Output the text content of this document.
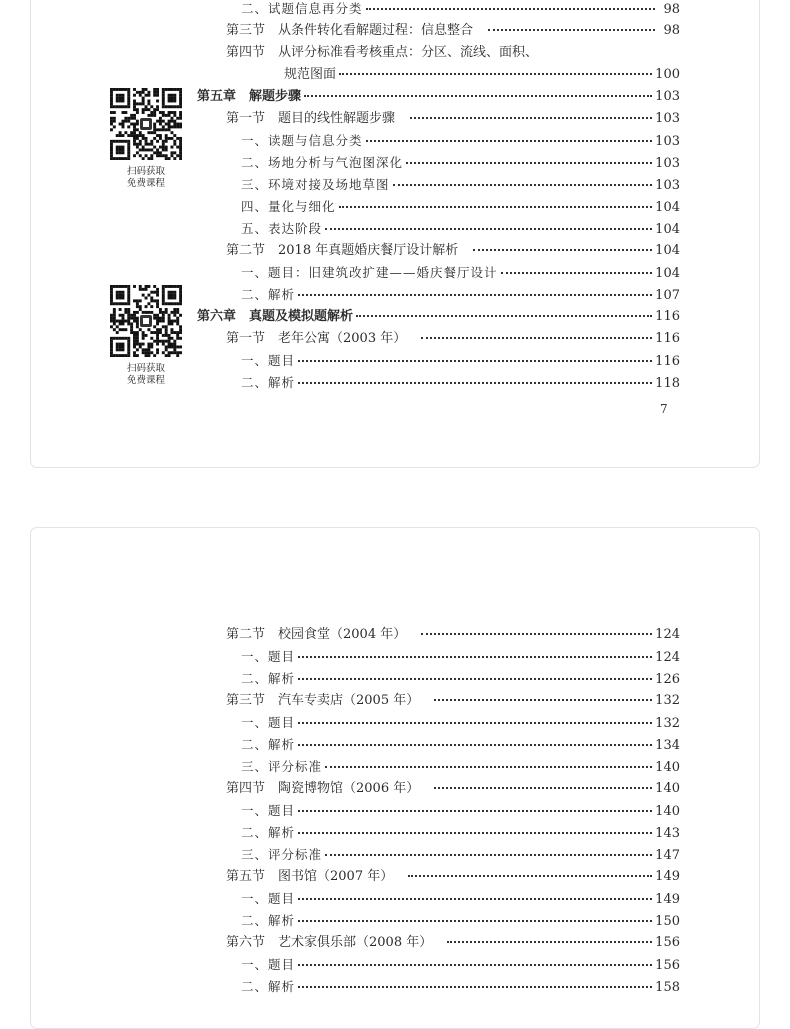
扫码获取
免费课程
扫码获取
免费课程
二、试题信息再分类	98
第三节　从条件转化看解题过程：信息整合	98
第四节　从评分标准看考核重点：分区、流线、面积、
规范图面	100
第五章　解题步骤	103
第一节　题目的线性解题步骤	103
一、读题与信息分类	103
二、场地分析与气泡图深化	103
三、环境对接及场地草图	103
四、量化与细化	104
五、表达阶段	104
第二节　2018 年真题婚庆餐厅设计解析	104
一、题目：旧建筑改扩建——婚庆餐厅设计	104
二、解析	107
第六章　真题及模拟题解析	116
第一节　老年公寓（2003 年）	116
一、题目	116
二、解析	118
7
第二节　校园食堂（2004 年）	124
一、题目	124
二、解析	126
第三节　汽车专卖店（2005 年）	132
一、题目	132
二、解析	134
三、评分标准	140
第四节　陶瓷博物馆（2006 年）	140
一、题目	140
二、解析	143
三、评分标准	147
第五节　图书馆（2007 年）	149
一、题目	149
二、解析	150
第六节　艺术家俱乐部（2008 年）	156
一、题目	156
二、解析	158
